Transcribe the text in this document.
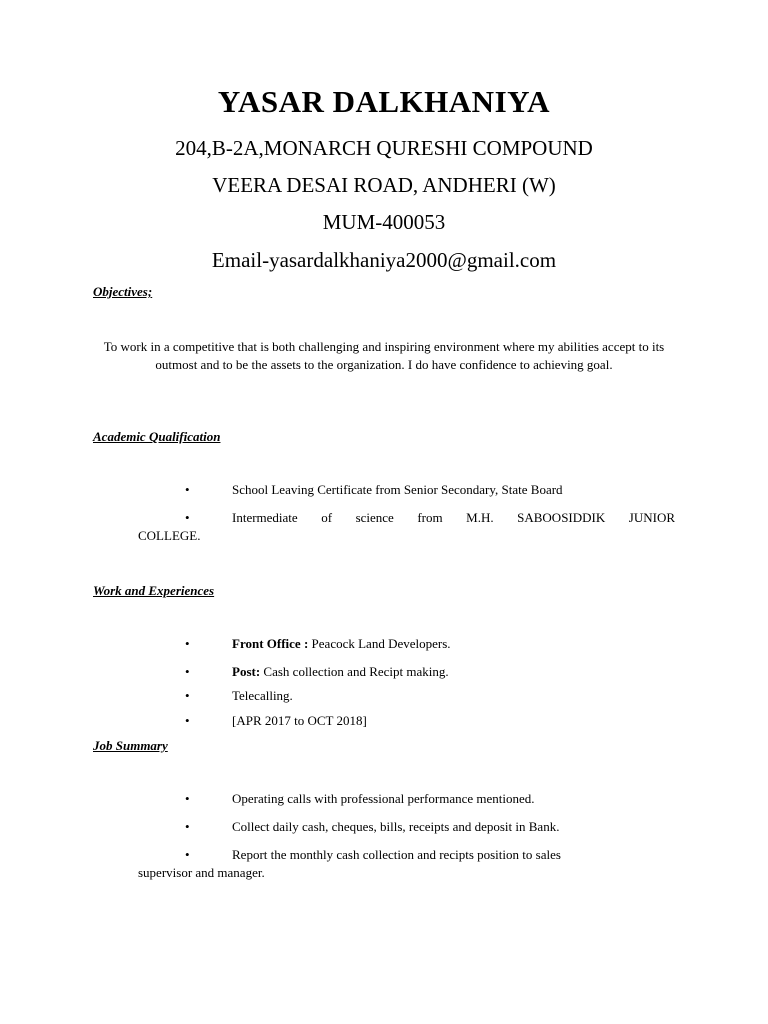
YASAR DALKHANIYA
204,B-2A,MONARCH QURESHI COMPOUND
VEERA DESAI ROAD, ANDHERI (W)
MUM-400053
Email-yasardalkhaniya2000@gmail.com
Objectives;
To work in a competitive that is both challenging and inspiring environment where my abilities accept to its outmost and to be the assets to the organization. I do have confidence to achieving goal.
Academic Qualification
•	School Leaving Certificate from Senior Secondary, State Board
•	Intermediate of science from M.H. SABOOSIDDIK JUNIOR
COLLEGE.
Work and Experiences
•	Front Office : Peacock Land Developers.
•	Post: Cash collection and Recipt making.
•	Telecalling.
•	[APR 2017 to OCT 2018]
Job Summary
•	Operating calls with professional performance mentioned.
•	Collect daily cash, cheques, bills, receipts and deposit in Bank.
•	Report the monthly cash collection and recipts position to sales
supervisor and manager.
